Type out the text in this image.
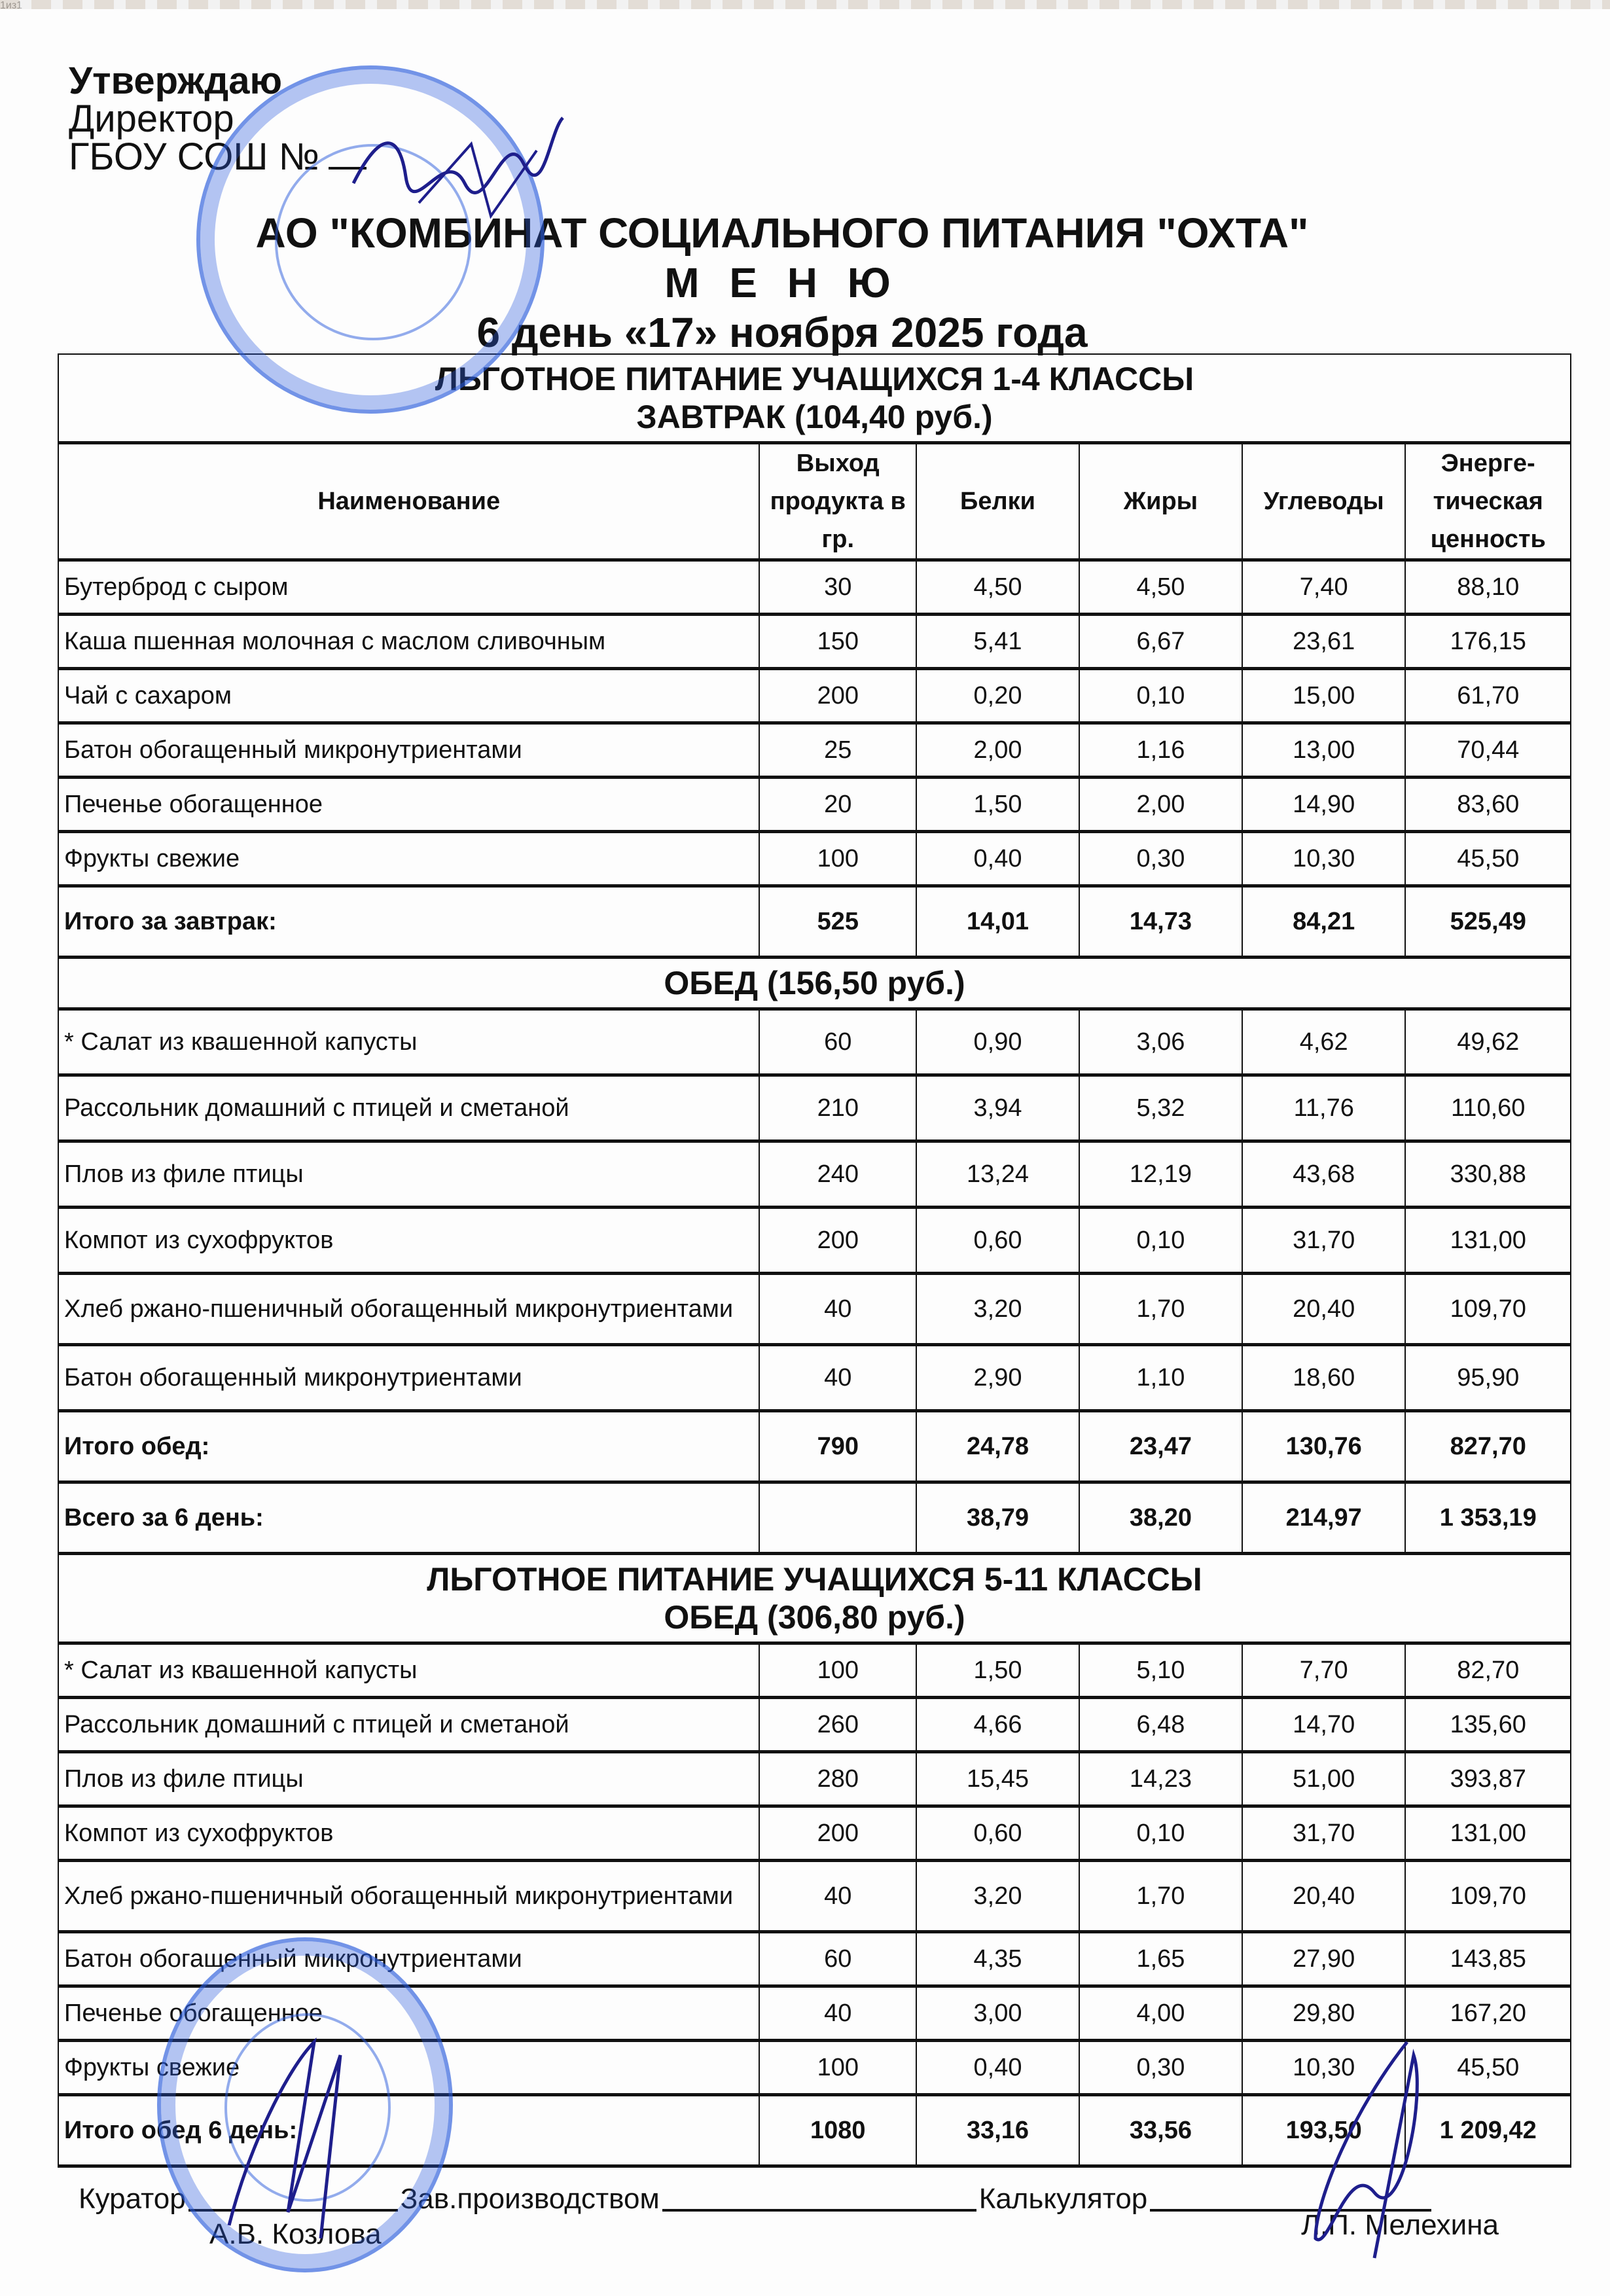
Утверждаю
Директор
ГБОУ СОШ №
АО "КОМБИНАТ СОЦИАЛЬНОГО ПИТАНИЯ "ОХТА"
М Е Н Ю
6 день «17» ноября 2025 года
ЛЬГОТНОЕ ПИТАНИЕ УЧАЩИХСЯ 1-4 КЛАССЫ
ЗАВТРАК (104,40 руб.)					

Наименование	Выход продукта в гр.	Белки	Жиры	Углеводы	Энерге-тическая ценность
Бутерброд с сыром	30	4,50	4,50	7,40	88,10
Каша пшенная молочная с маслом сливочным	150	5,41	6,67	23,61	176,15
Чай с сахаром	200	0,20	0,10	15,00	61,70
Батон обогащенный микронутриентами	25	2,00	1,16	13,00	70,44
Печенье обогащенное	20	1,50	2,00	14,90	83,60
Фрукты свежие	100	0,40	0,30	10,30	45,50
Итого за завтрак:	525	14,01	14,73	84,21	525,49

ОБЕД (156,50 руб.)					

* Салат из квашенной капусты	60	0,90	3,06	4,62	49,62
Рассольник домашний с птицей и сметаной	210	3,94	5,32	11,76	110,60
Плов из филе птицы	240	13,24	12,19	43,68	330,88
Компот из сухофруктов	200	0,60	0,10	31,70	131,00
Хлеб ржано-пшеничный обогащенный микронутриентами	40	3,20	1,70	20,40	109,70
Батон обогащенный микронутриентами	40	2,90	1,10	18,60	95,90
Итого обед:	790	24,78	23,47	130,76	827,70
Всего за 6 день:		38,79	38,20	214,97	1 353,19

ЛЬГОТНОЕ ПИТАНИЕ УЧАЩИХСЯ 5-11 КЛАССЫ
ОБЕД (306,80 руб.)					

* Салат из квашенной капусты	100	1,50	5,10	7,70	82,70
Рассольник домашний с птицей и сметаной	260	4,66	6,48	14,70	135,60
Плов из филе птицы	280	15,45	14,23	51,00	393,87
Компот из сухофруктов	200	0,60	0,10	31,70	131,00
Хлеб ржано-пшеничный обогащенный микронутриентами	40	3,20	1,70	20,40	109,70
Батон обогащенный микронутриентами	60	4,35	1,65	27,90	143,85
Печенье обогащенное	40	3,00	4,00	29,80	167,20
Фрукты свежие	100	0,40	0,30	10,30	45,50
Итого обед 6 день:	1080	33,16	33,56	193,50	1 209,42
Куратор	Зав.производством	Калькулятор
А.В. Козлова	Л.П. Мелехина
